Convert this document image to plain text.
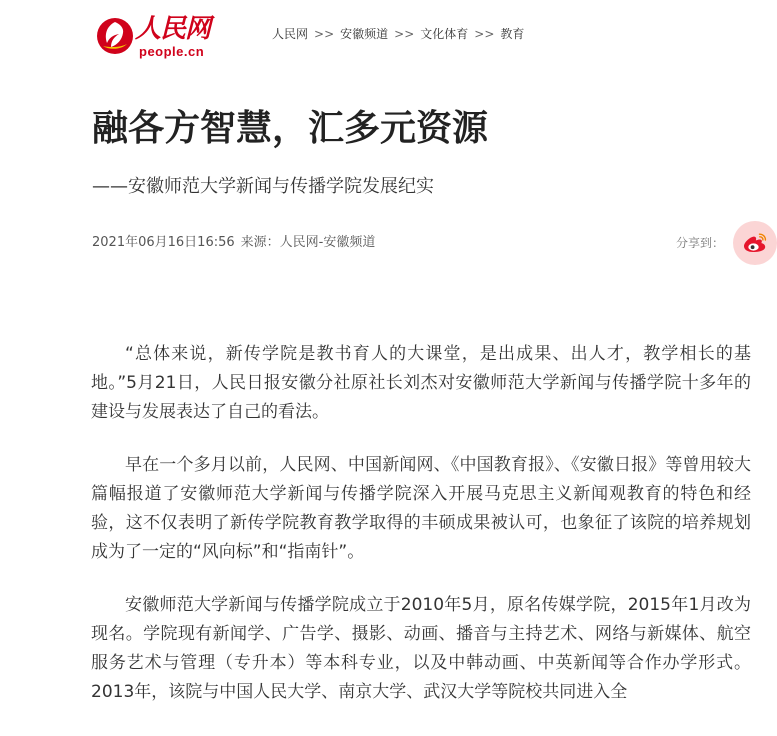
人民网
people.cn
人民网 >> 安徽频道 >> 文化体育 >> 教育
融各方智慧，汇多元资源
——安徽师范大学新闻与传播学院发展纪实
2021年06月16日16:56 来源：人民网-安徽频道	分享到：

“总体来说，新传学院是教书育人的大课堂，是出成果、出人才，教学相长的基地。”5月21日，人民日报安徽分社原社长刘杰对安徽师范大学新闻与传播学院十多年的建设与发展表达了自己的看法。

早在一个多月以前，人民网、中国新闻网、《中国教育报》、《安徽日报》等曾用较大篇幅报道了安徽师范大学新闻与传播学院深入开展马克思主义新闻观教育的特色和经验，这不仅表明了新传学院教育教学取得的丰硕成果被认可，也象征了该院的培养规划成为了一定的“风向标”和“指南针”。

安徽师范大学新闻与传播学院成立于2010年5月，原名传媒学院，2015年1月改为现名。学院现有新闻学、广告学、摄影、动画、播音与主持艺术、网络与新媒体、航空服务艺术与管理（专升本）等本科专业，以及中韩动画、中英新闻等合作办学形式。2013年，该院与中国人民大学、南京大学、武汉大学等院校共同进入全
